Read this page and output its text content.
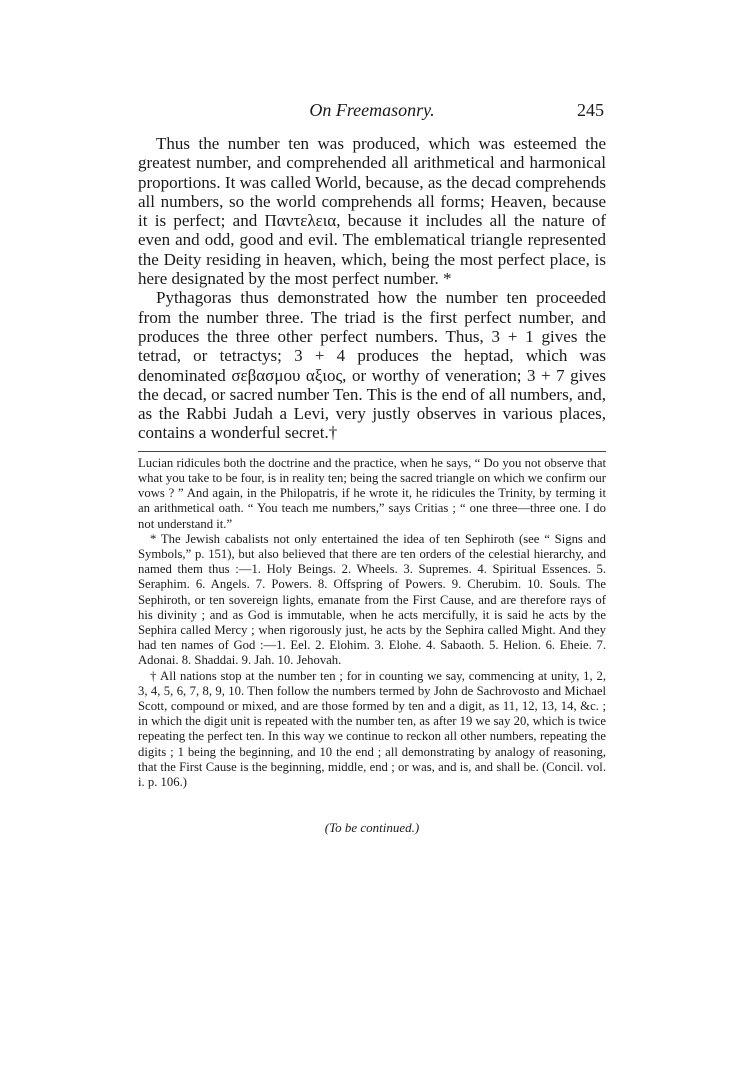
On Freemasonry.	245

Thus the number ten was produced, which was esteemed the greatest number, and comprehended all arithmetical and harmonical proportions. It was called World, because, as the decad comprehends all numbers, so the world comprehends all forms; Heaven, because it is perfect; and Παντελεια, because it includes all the nature of even and odd, good and evil. The emblematical triangle represented the Deity residing in heaven, which, being the most perfect place, is here designated by the most perfect number. *

Pythagoras thus demonstrated how the number ten proceeded from the number three. The triad is the first perfect number, and produces the three other perfect numbers. Thus, 3 + 1 gives the tetrad, or tetractys; 3 + 4 produces the heptad, which was denominated σεβασμου αξιος, or worthy of veneration; 3 + 7 gives the decad, or sacred number Ten. This is the end of all numbers, and, as the Rabbi Judah a Levi, very justly observes in various places, contains a wonderful secret.†

Lucian ridicules both the doctrine and the practice, when he says, “ Do you not observe that what you take to be four, is in reality ten; being the sacred triangle on which we confirm our vows ? ” And again, in the Philopatris, if he wrote it, he ridicules the Trinity, by terming it an arithmetical oath. “ You teach me numbers,” says Critias ; “ one three—three one. I do not understand it.”

* The Jewish cabalists not only entertained the idea of ten Sephiroth (see “ Signs and Symbols,” p. 151), but also believed that there are ten orders of the celestial hierarchy, and named them thus :—1. Holy Beings. 2. Wheels. 3. Supremes. 4. Spiritual Essences. 5. Seraphim. 6. Angels. 7. Powers. 8. Offspring of Powers. 9. Cherubim. 10. Souls. The Sephiroth, or ten sovereign lights, emanate from the First Cause, and are therefore rays of his divinity ; and as God is immutable, when he acts mercifully, it is said he acts by the Sephira called Mercy ; when rigorously just, he acts by the Sephira called Might. And they had ten names of God :—1. Eel. 2. Elohim. 3. Elohe. 4. Sabaoth. 5. Helion. 6. Eheie. 7. Adonai. 8. Shaddai. 9. Jah. 10. Jehovah.

† All nations stop at the number ten ; for in counting we say, commencing at unity, 1, 2, 3, 4, 5, 6, 7, 8, 9, 10. Then follow the numbers termed by John de Sachrovosto and Michael Scott, compound or mixed, and are those formed by ten and a digit, as 11, 12, 13, 14, &c. ; in which the digit unit is repeated with the number ten, as after 19 we say 20, which is twice repeating the perfect ten. In this way we continue to reckon all other numbers, repeating the digits ; 1 being the beginning, and 10 the end ; all demonstrating by analogy of reasoning, that the First Cause is the beginning, middle, end ; or was, and is, and shall be. (Concil. vol. i. p. 106.)

(To be continued.)
